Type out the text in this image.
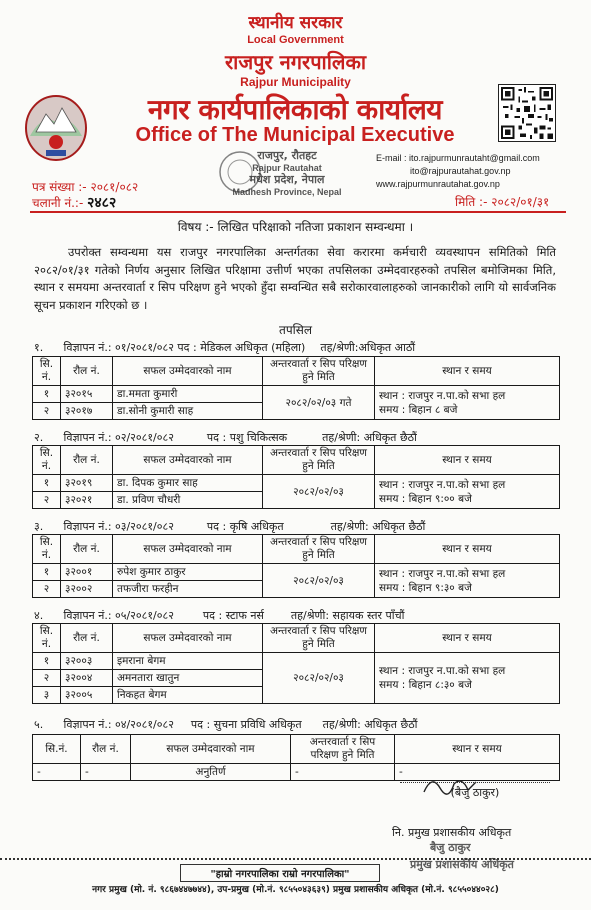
स्थानीय सरकार
Local Government
राजपुर नगरपालिका
Rajpur Municipality
नगर कार्यपालिकाको कार्यालय
Office of The Municipal Executive
E-mail : ito.rajpurmunrautaht@gmail.com
ito@rajpurautahat.gov.np
www.rajpurmunrautahat.gov.np
राजपुर, रौतहट
Rajpur Rautahat
मधेश प्रदेश, नेपाल
Madhesh Province, Nepal
पत्र संख्या :- २०८१/०८२
चलानी नं.:- २४८२	मिति :- २०८२/०१/३१
विषय :- लिखित परिक्षाको नतिजा प्रकाशन सम्वन्धमा ।
उपरोक्त सम्वन्धमा यस राजपुर नगरपालिका अन्तर्गतका सेवा करारमा कर्मचारी व्यवस्थापन समितिको मिति २०८२/०१/३१ गतेको निर्णय अनुसार लिखित परिक्षामा उत्तीर्ण भएका तपसिलका उम्मेदवारहरुको तपसिल बमोजिमका मिति, स्थान र समयमा अन्तरवार्ता र सिप परिक्षण हुने भएको हुँदा सम्वन्धित सबै सरोकारवालाहरुको जानकारीको लागि यो सार्वजनिक सूचन प्रकाशन गरिएको छ ।
तपसिल
१. विज्ञापन नं.: ०१/२०८१/०८२ पद : मेडिकल अधिकृत (महिला) तह/श्रेणी:अधिकृत आठौं
सि. नं.	रौल नं.	सफल उम्मेदवारको नाम	अन्तरवार्ता र सिप परिक्षण हुने मिति	स्थान र समय
१	३२०१५	डा.ममता कुमारी	२०८२/०२/०३ गते	स्थान : राजपुर न.पा.को सभा हल
समय : बिहान ८ बजे

२	३२०१७	डा.सोनी कुमारी साह		
२. विज्ञापन नं.: ०२/२०८१/०८२	पद : पशु चिकित्सक	तह/श्रेणी: अधिकृत छैठौं
सि. नं.	रौल नं.	सफल उम्मेदवारको नाम	अन्तरवार्ता र सिप परिक्षण हुने मिति	स्थान र समय
१	३२०१९	डा. दिपक कुमार साह	२०८२/०२/०३	स्थान : राजपुर न.पा.को सभा हल
समय : बिहान ९:०० बजे

२	३२०२१	डा. प्रविण चौधरी		
३. विज्ञापन नं.: ०३/२०८१/०८२	पद : कृषि अधिकृत	तह/श्रेणी: अधिकृत छैठौं
सि. नं.	रौल नं.	सफल उम्मेदवारको नाम	अन्तरवार्ता र सिप परिक्षण हुने मिति	स्थान र समय
१	३२००१	रुपेश कुमार ठाकुर	२०८२/०२/०३	स्थान : राजपुर न.पा.को सभा हल
समय : बिहान ९:३० बजे

२	३२००२	तफजीरा फरहीन		
४. विज्ञापन नं.: ०५/२०८१/०८२	पद : स्टाफ नर्स तह/श्रेणी: सहायक स्तर पाँचौं
सि. नं.	रौल नं.	सफल उम्मेदवारको नाम	अन्तरवार्ता र सिप परिक्षण हुने मिति	स्थान र समय
१	३२००३	इमराना बेगम	२०८२/०२/०३	स्थान : राजपुर न.पा.को सभा हल
समय : बिहान ८:३० बजे

२	३२००४	अमनतारा खातुन		
३	३२००५	निकहत बेगम		
५. विज्ञापन नं.: ०४/२०८१/०८२ पद : सुचना प्रविधि अधिकृत तह/श्रेणी: अधिकृत छैठौं
सि.नं.	रौल नं.	सफल उम्मेदवारको नाम	अन्तरवार्ता र सिप परिक्षण हुने मिति	स्थान र समय
-	-	अनुतिर्ण	-	-
(बैजु ठाकुर)
नि. प्रमुख प्रशासकीय अधिकृत
बैजु ठाकुर
"हाम्रो नगरपालिका राम्रो नगरपालिका"
प्रमुख प्रशासकीय अधिकृत
नगर प्रमुख (मो. नं. ९८६७४४७७४४), उप-प्रमुख (मो.नं. ९८५५०४३६३९) प्रमुख प्रशासकीय अधिकृत (मो.नं. ९८५५०४४०२८)
